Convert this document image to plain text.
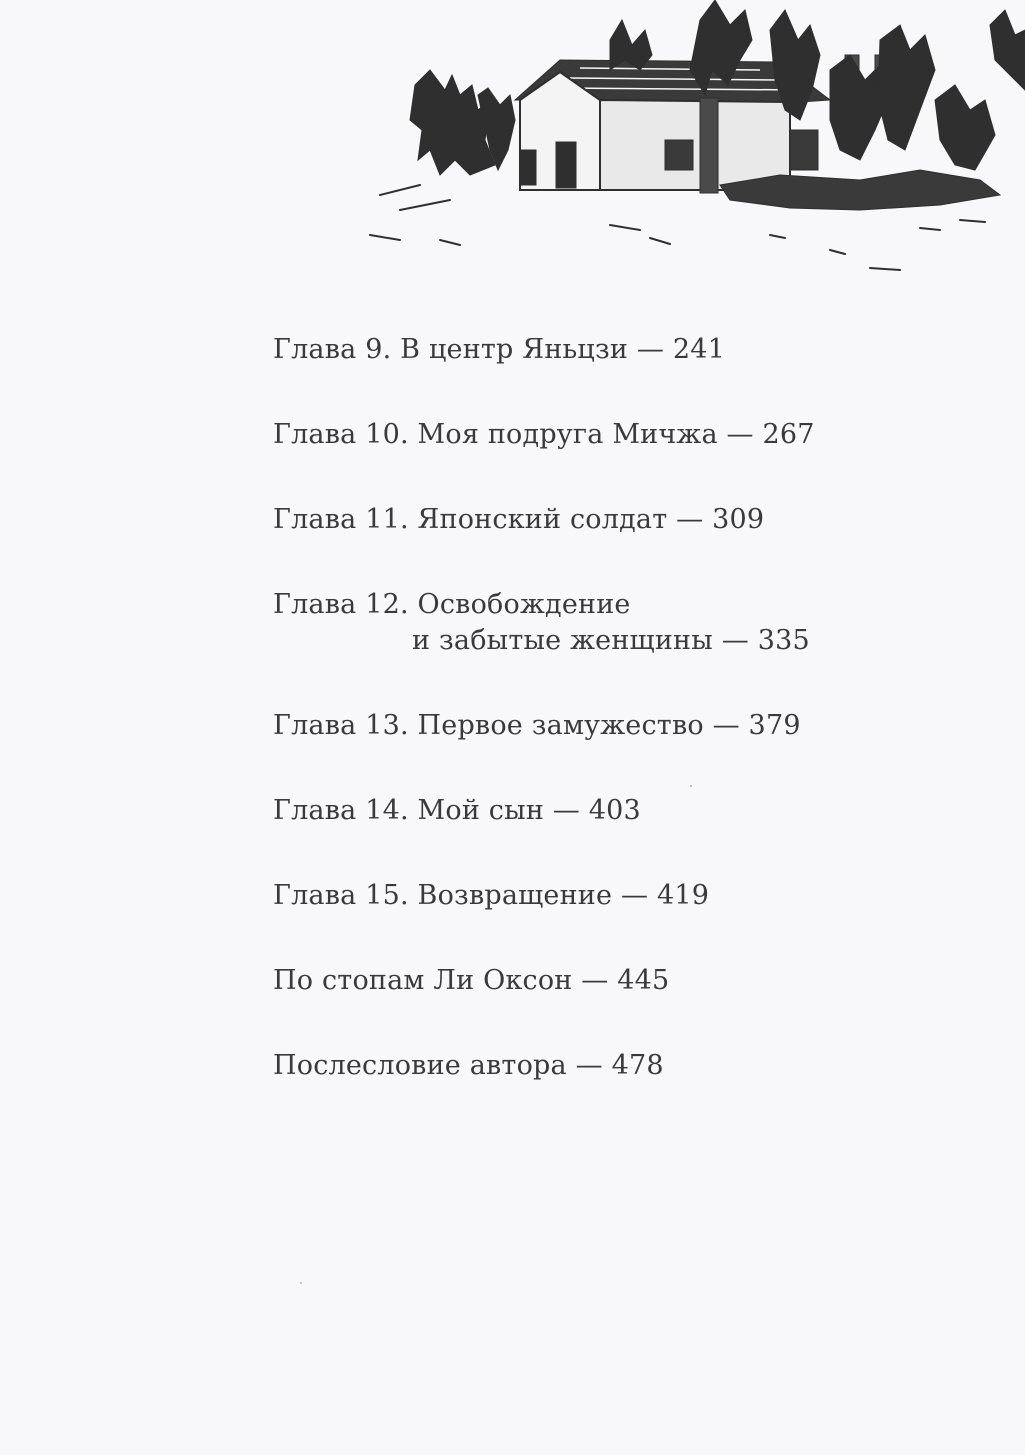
Глава 9. В центр Яньцзи — 241
Глава 10. Моя подруга Мичжа — 267
Глава 11. Японский солдат — 309
Глава 12. Освобождение
и забытые женщины — 335
Глава 13. Первое замужество — 379
Глава 14. Мой сын — 403
Глава 15. Возвращение — 419
По стопам Ли Оксон — 445
Послесловие автора — 478
